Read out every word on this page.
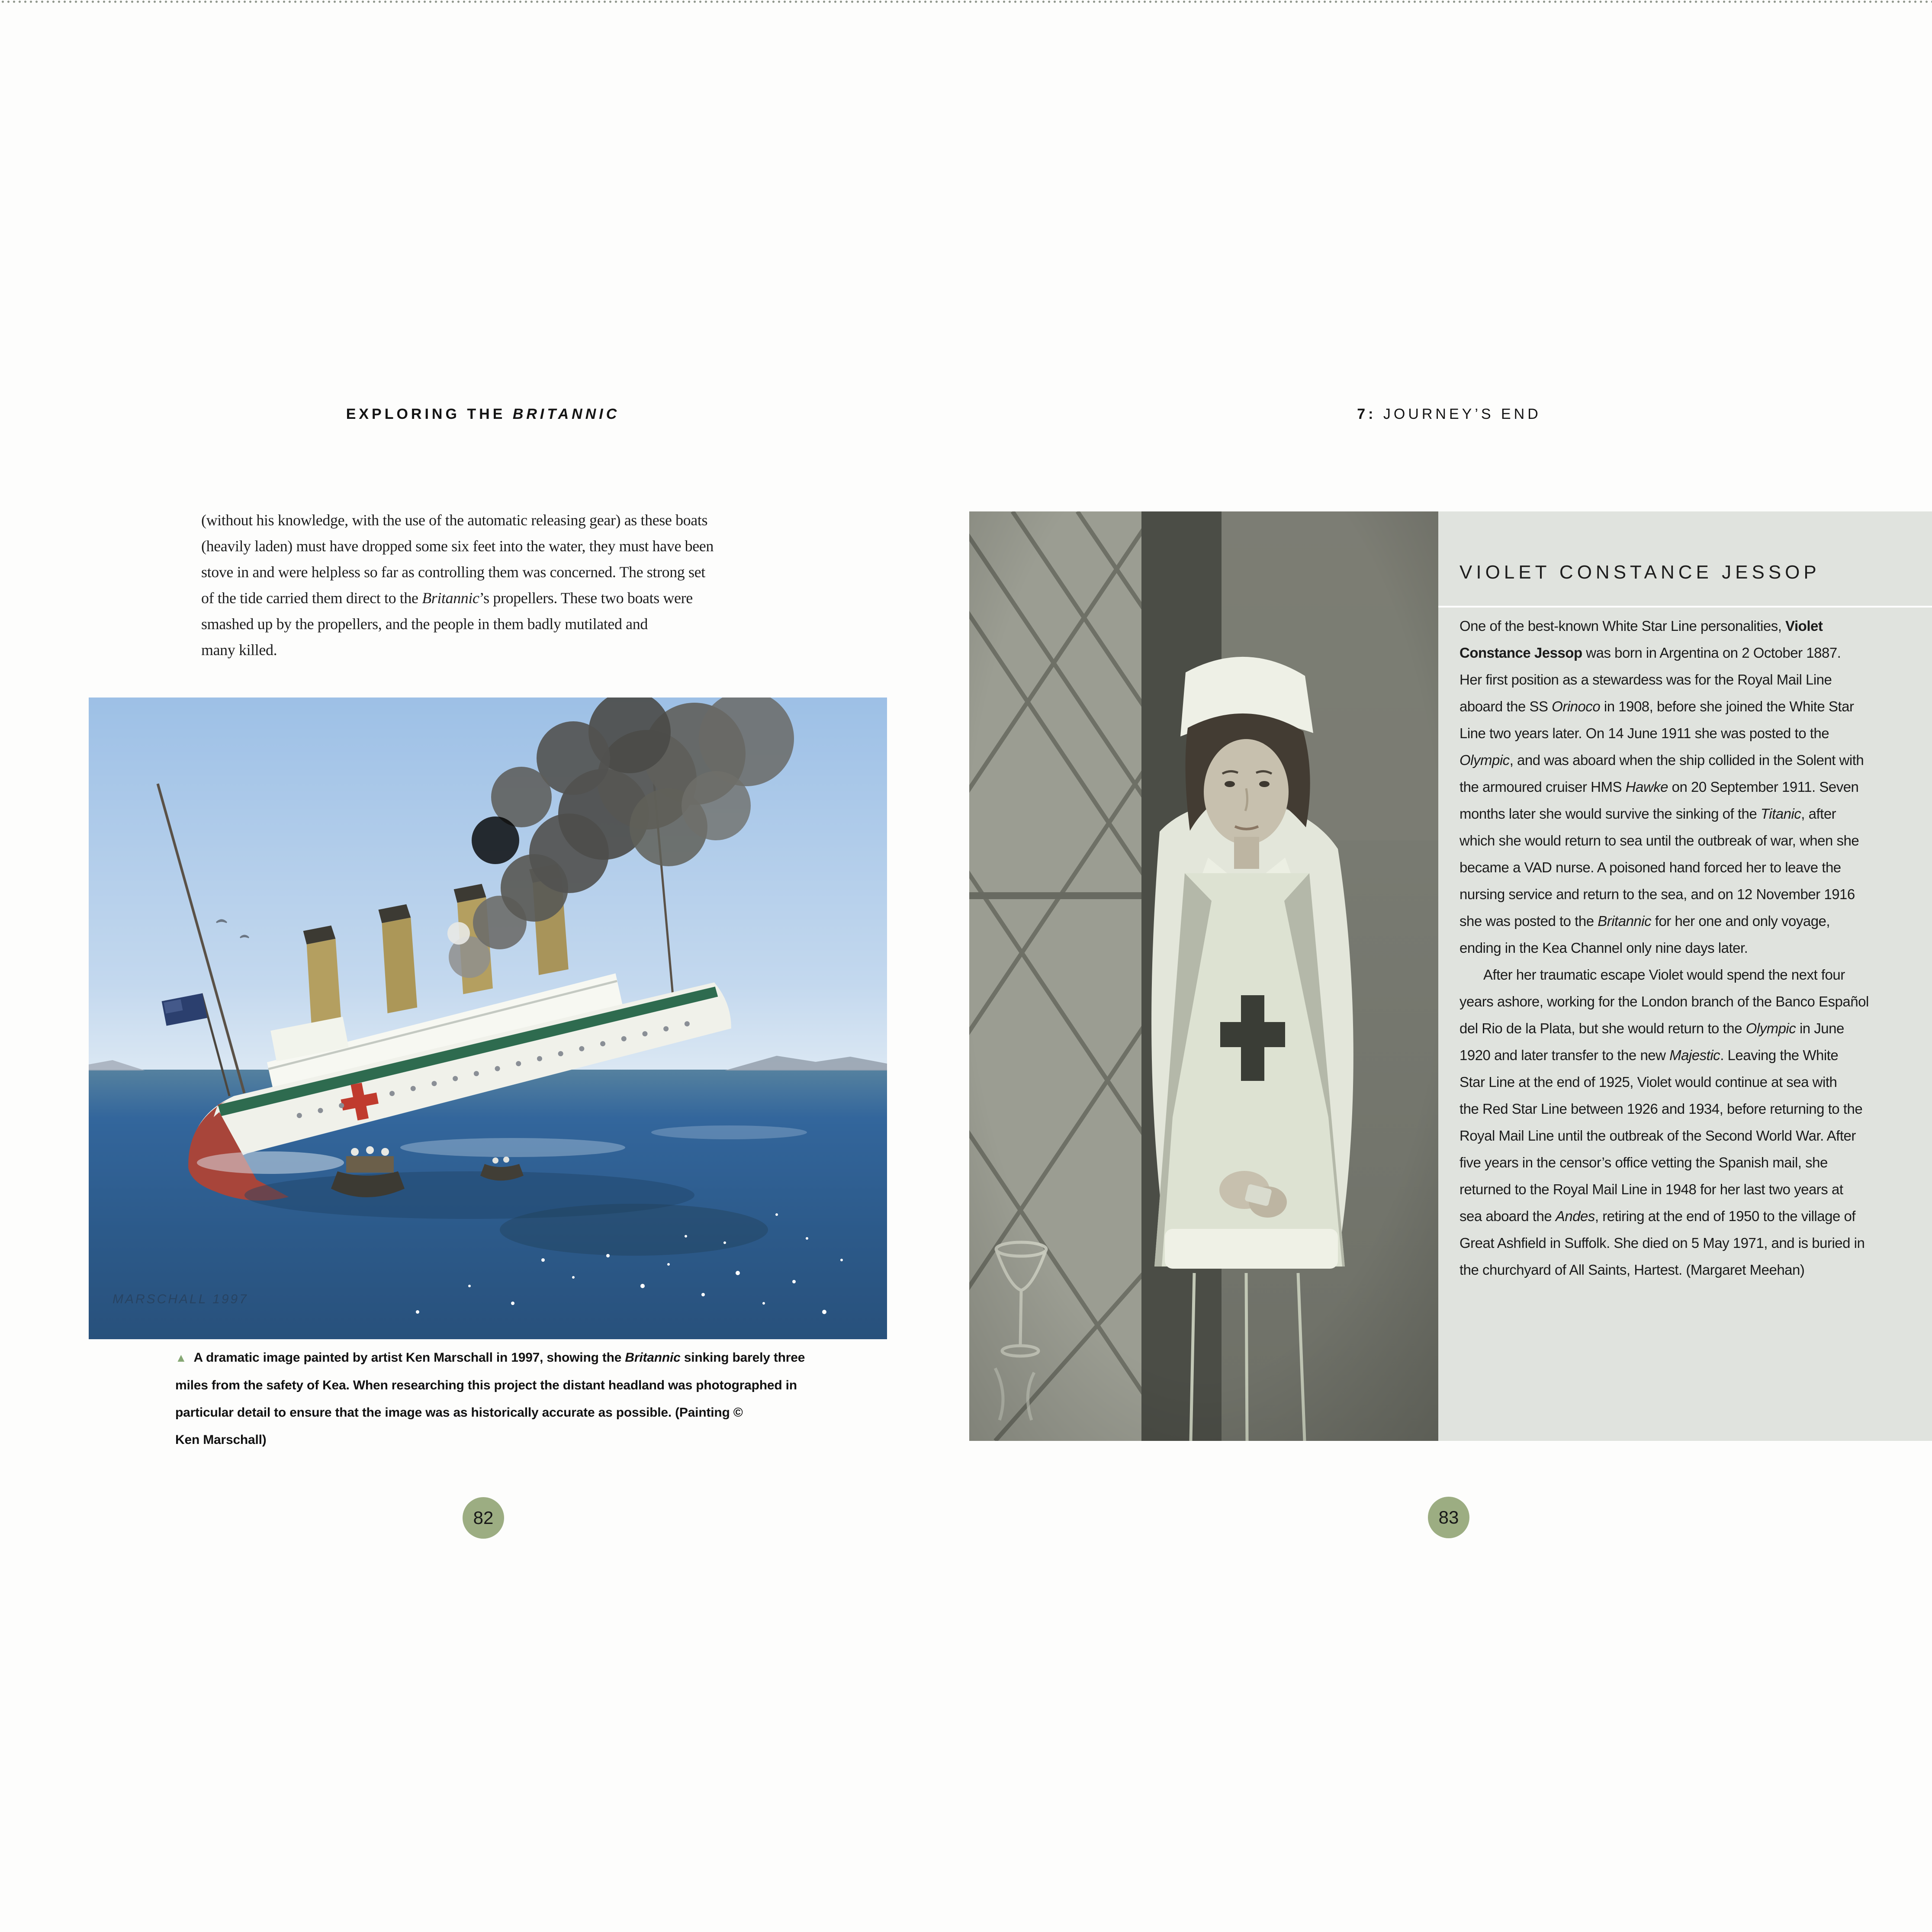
EXPLORING THE BRITANNIC	7: JOURNEY’S END
(without his knowledge, with the use of the automatic releasing gear) as these boats
(heavily laden) must have dropped some six feet into the water, they must have been
stove in and were helpless so far as controlling them was concerned. The strong set
of the tide carried them direct to the Britannic’s propellers. These two boats were
smashed up by the propellers, and the people in them badly mutilated and
many killed.
MARSCHALL 1997
▲ A dramatic image painted by artist Ken Marschall in 1997, showing the Britannic sinking barely three
miles from the safety of Kea. When researching this project the distant headland was photographed in
particular detail to ensure that the image was as historically accurate as possible. (Painting ©
Ken Marschall)
82
VIOLET CONSTANCE JESSOP
One of the best-known White Star Line personalities, Violet
Constance Jessop was born in Argentina on 2 October 1887.
Her first position as a stewardess was for the Royal Mail Line
aboard the SS Orinoco in 1908, before she joined the White Star
Line two years later. On 14 June 1911 she was posted to the
Olympic, and was aboard when the ship collided in the Solent with
the armoured cruiser HMS Hawke on 20 September 1911. Seven
months later she would survive the sinking of the Titanic, after
which she would return to sea until the outbreak of war, when she
became a VAD nurse. A poisoned hand forced her to leave the
nursing service and return to the sea, and on 12 November 1916
she was posted to the Britannic for her one and only voyage,
ending in the Kea Channel only nine days later.
After her traumatic escape Violet would spend the next four
years ashore, working for the London branch of the Banco Español
del Rio de la Plata, but she would return to the Olympic in June
1920 and later transfer to the new Majestic. Leaving the White
Star Line at the end of 1925, Violet would continue at sea with
the Red Star Line between 1926 and 1934, before returning to the
Royal Mail Line until the outbreak of the Second World War. After
five years in the censor’s office vetting the Spanish mail, she
returned to the Royal Mail Line in 1948 for her last two years at
sea aboard the Andes, retiring at the end of 1950 to the village of
Great Ashfield in Suffolk. She died on 5 May 1971, and is buried in
the churchyard of All Saints, Hartest. (Margaret Meehan)
83
